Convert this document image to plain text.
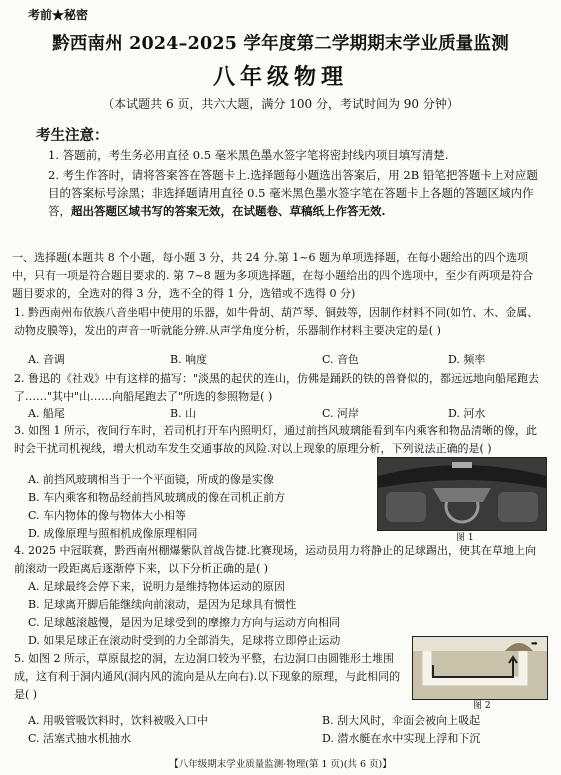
考前★秘密
黔西南州 2024–2025 学年度第二学期期末学业质量监测
八年级物理
（本试题共 6 页，共六大题，满分 100 分，考试时间为 90 分钟）
考生注意：
1. 答题前，考生务必用直径 0.5 毫米黑色墨水签字笔将密封线内项目填写清楚.
2. 考生作答时，请将答案答在答题卡上.选择题每小题选出答案后，用 2B 铅笔把答题卡上对应题目的答案标号涂黑；非选择题请用直径 0.5 毫米黑色墨水签字笔在答题卡上各题的答题区域内作答，超出答题区域书写的答案无效，在试题卷、草稿纸上作答无效.
一、选择题(本题共 8 个小题，每小题 3 分，共 24 分.第 1~6 题为单项选择题，在每小题给出的四个选项中，只有一项是符合题目要求的. 第 7~8 题为多项选择题，在每小题给出的四个选项中，至少有两项是符合题目要求的，全选对的得 3 分，选不全的得 1 分，选错或不选得 0 分)
1. 黔西南州布依族八音坐唱中使用的乐器，如牛骨胡、葫芦琴、铜鼓等，因制作材料不同(如竹、木、金属、动物皮膜等)，发出的声音一听就能分辨.从声学角度分析，乐器制作材料主要决定的是( )
A. 音调	B. 响度	C. 音色	D. 频率
2. 鲁迅的《社戏》中有这样的描写："淡黑的起伏的连山，仿佛是踊跃的铁的兽脊似的，都远远地向船尾跑去了……"其中"山……向船尾跑去了"所选的参照物是( )
A. 船尾	B. 山	C. 河岸	D. 河水
3. 如图 1 所示，夜间行车时，若司机打开车内照明灯，通过前挡风玻璃能看到车内乘客和物品清晰的像，此时会干扰司机视线，增大机动车发生交通事故的风险.对以上现象的原理分析，下列说法正确的是( )
A. 前挡风玻璃相当于一个平面镜，所成的像是实像
B. 车内乘客和物品经前挡风玻璃成的像在司机正前方
C. 车内物体的像与物体大小相等
D. 成像原理与照相机成像原理相同	图 1
4. 2025 中冠联赛，黔西南州棚爆紫队首战告捷.比赛现场，运动员用力将静止的足球踢出，使其在草地上向前滚动一段距离后逐渐停下来，以下分析正确的是( )
A. 足球最终会停下来，说明力是维持物体运动的原因
B. 足球离开脚后能继续向前滚动，是因为足球具有惯性
C. 足球越滚越慢，是因为足球受到的摩擦力方向与运动方向相同
D. 如果足球正在滚动时受到的力全部消失，足球将立即停止运动
5. 如图 2 所示，草原鼠挖的洞，左边洞口较为平整，右边洞口由圆锥形土堆围成，这有利于洞内通风(洞内风的流向是从左向右).以下现象的原理，与此相同的是( )
➡
图 2
A. 用吸管吸饮料时，饮料被吸入口中	B. 刮大风时，伞面会被向上吸起
C. 活塞式抽水机抽水	D. 潜水艇在水中实现上浮和下沉
【八年级期末学业质量监测·物理(第 1 页)(共 6 页)】
